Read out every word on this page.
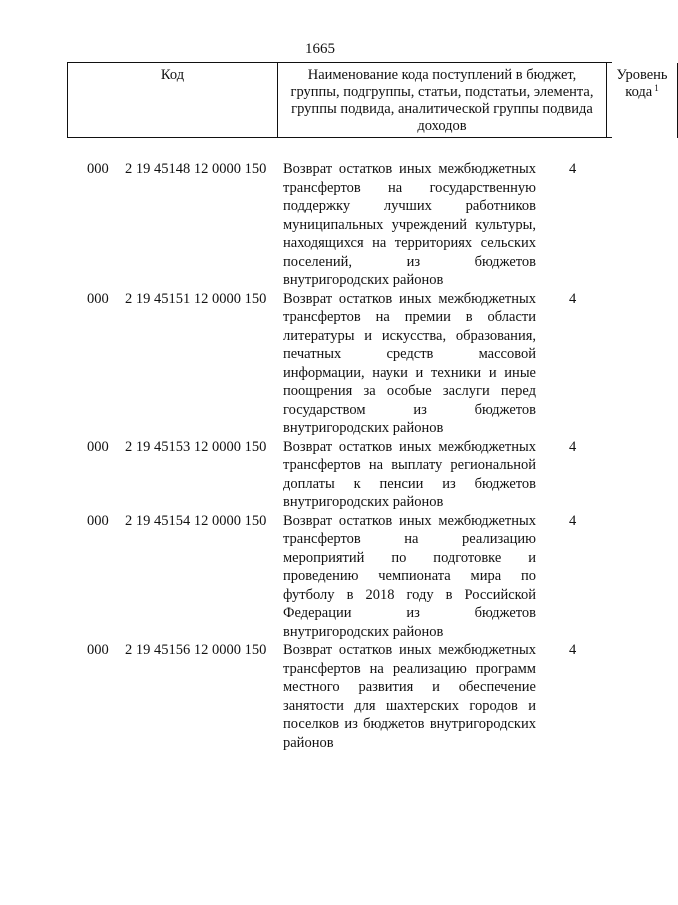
1665
Код	Наименование кода поступлений в бюджет, группы, подгруппы, статьи, подстатьи, элемента, группы подвида, аналитической группы подвида доходов
Уровень кода $^1$
000 2 19 45148 12 0000 150 Возврат остатков иных межбюджетных трансфертов на государственную поддержку лучших работников муниципальных учреждений культуры, находящихся на территориях сельских поселений, из бюджетов внутригородских районов
4
000 2 19 45151 12 0000 150 Возврат остатков иных межбюджетных трансфертов на премии в области литературы и искусства, образования, печатных средств массовой информации, науки и техники и иные поощрения за особые заслуги перед государством из бюджетов внутригородских районов
4
000 2 19 45153 12 0000 150 Возврат остатков иных межбюджетных трансфертов на выплату региональной доплаты к пенсии из бюджетов внутригородских районов
4
000 2 19 45154 12 0000 150 Возврат остатков иных межбюджетных трансфертов на реализацию мероприятий по подготовке и проведению чемпионата мира по футболу в 2018 году в Российской Федерации из бюджетов внутригородских районов
4
000 2 19 45156 12 0000 150 Возврат остатков иных межбюджетных трансфертов на реализацию программ местного развития и обеспечение занятости для шахтерских городов и поселков из бюджетов внутригородских районов
4
